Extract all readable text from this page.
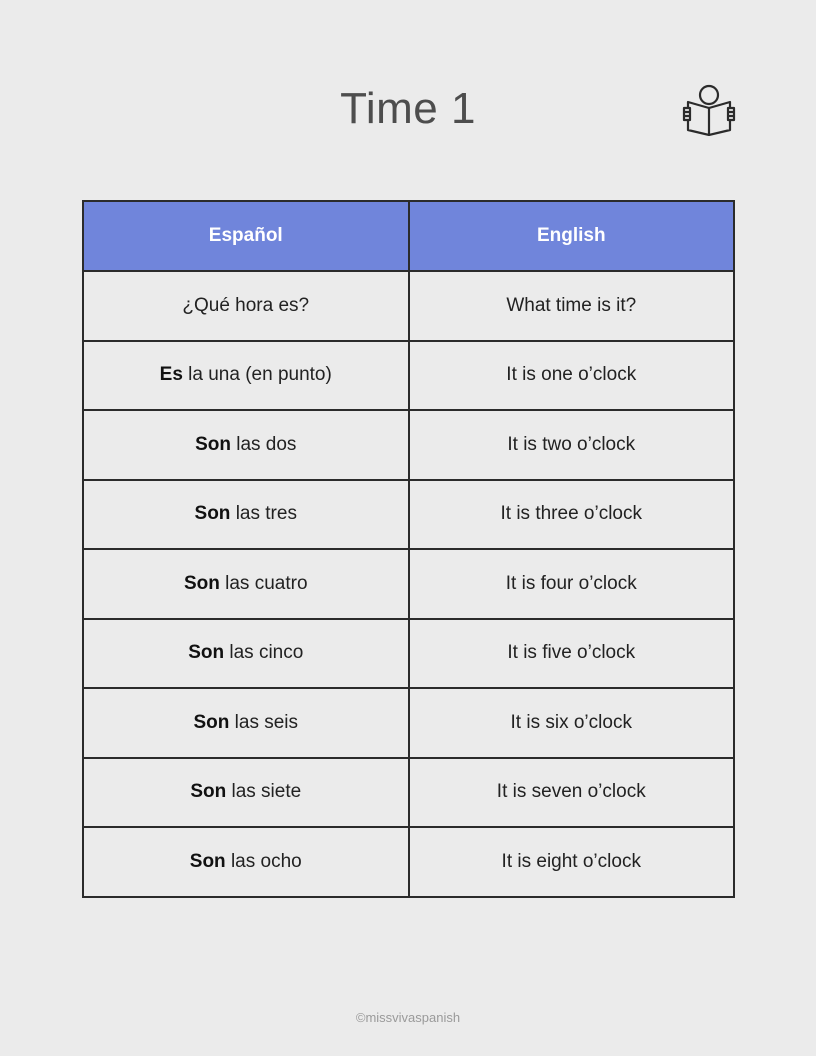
Time 1
Español	English
¿Qué hora es?	What time is it?
Es la una (en punto)	It is one o’clock
Son las dos	It is two o’clock
Son las tres	It is three o’clock
Son las cuatro	It is four o’clock
Son las cinco	It is five o’clock
Son las seis	It is six o’clock
Son las siete	It is seven o’clock
Son las ocho	It is eight o’clock
©missvivaspanish
